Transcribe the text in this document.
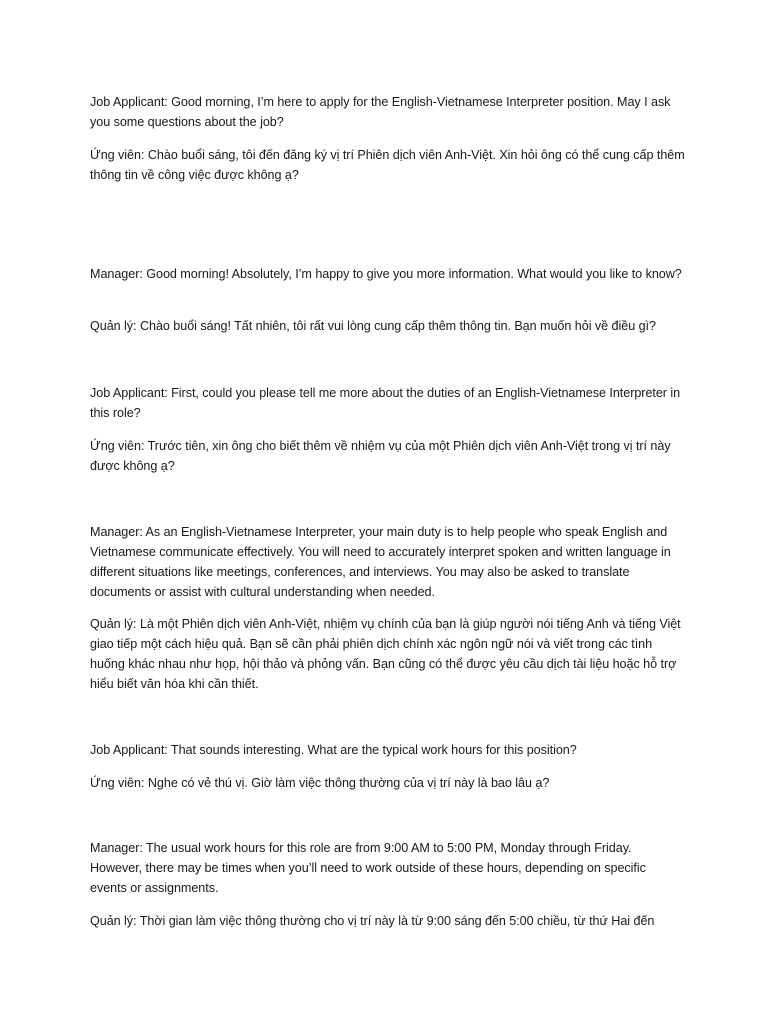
Job Applicant: Good morning, I’m here to apply for the English-Vietnamese Interpreter position. May I ask you some questions about the job?

Ứng viên: Chào buổi sáng, tôi đến đăng ký vị trí Phiên dịch viên Anh-Việt. Xin hỏi ông có thể cung cấp thêm thông tin về công việc được không ạ?

Manager: Good morning! Absolutely, I’m happy to give you more information. What would you like to know?

Quản lý: Chào buổi sáng! Tất nhiên, tôi rất vui lòng cung cấp thêm thông tin. Bạn muốn hỏi về điều gì?

Job Applicant: First, could you please tell me more about the duties of an English-Vietnamese Interpreter in this role?

Ứng viên: Trước tiên, xin ông cho biết thêm về nhiệm vụ của một Phiên dịch viên Anh-Việt trong vị trí này được không ạ?

Manager: As an English-Vietnamese Interpreter, your main duty is to help people who speak English and Vietnamese communicate effectively. You will need to accurately interpret spoken and written language in different situations like meetings, conferences, and interviews. You may also be asked to translate documents or assist with cultural understanding when needed.

Quản lý: Là một Phiên dịch viên Anh-Việt, nhiệm vụ chính của bạn là giúp người nói tiếng Anh và tiếng Việt giao tiếp một cách hiệu quả. Bạn sẽ cần phải phiên dịch chính xác ngôn ngữ nói và viết trong các tình huống khác nhau như họp, hội thảo và phỏng vấn. Bạn cũng có thể được yêu cầu dịch tài liệu hoặc hỗ trợ hiểu biết văn hóa khi cần thiết.

Job Applicant: That sounds interesting. What are the typical work hours for this position?

Ứng viên: Nghe có vẻ thú vị. Giờ làm việc thông thường của vị trí này là bao lâu ạ?

Manager: The usual work hours for this role are from 9:00 AM to 5:00 PM, Monday through Friday. However, there may be times when you’ll need to work outside of these hours, depending on specific events or assignments.

Quản lý: Thời gian làm việc thông thường cho vị trí này là từ 9:00 sáng đến 5:00 chiều, từ thứ Hai đến
